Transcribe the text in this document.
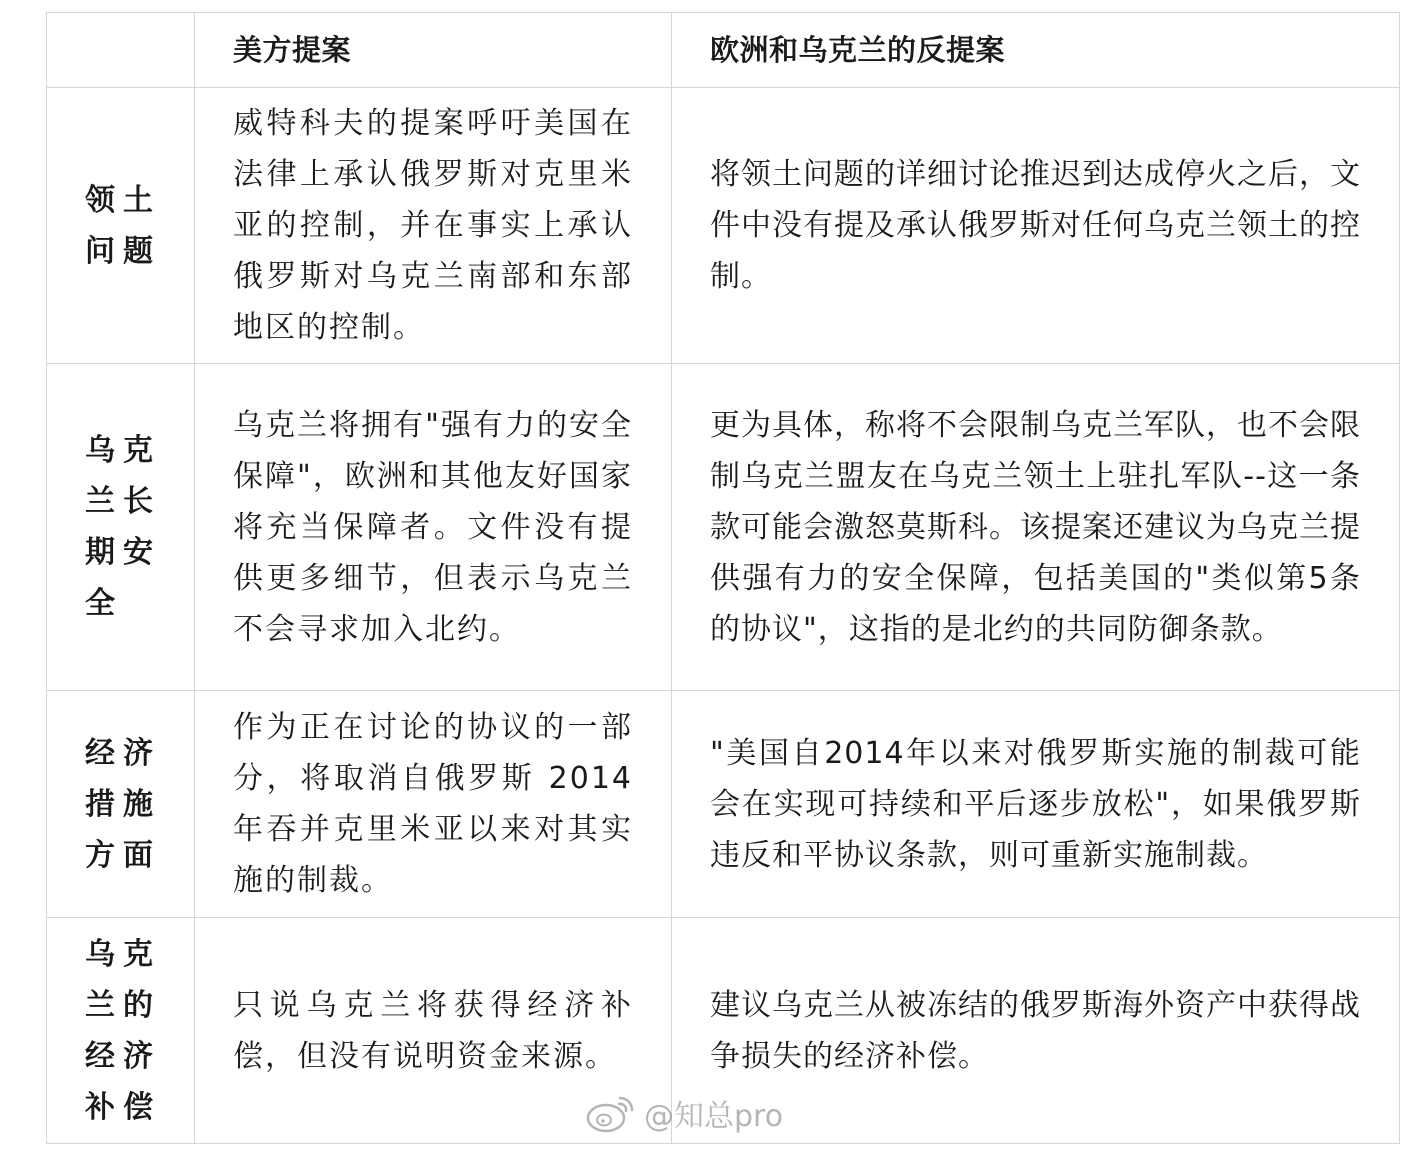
	美方提案	欧洲和乌克兰的反提案

领土问题	威特科夫的提案呼吁美国在法律上承认俄罗斯对克里米亚的控制，并在事实上承认俄罗斯对乌克兰南部和东部地区的控制。	将领土问题的详细讨论推迟到达成停火之后，文件中没有提及承认俄罗斯对任何乌克兰领土的控制。

乌克兰长期安全	乌克兰将拥有"强有力的安全保障"，欧洲和其他友好国家将充当保障者。文件没有提供更多细节，但表示乌克兰不会寻求加入北约。	更为具体，称将不会限制乌克兰军队，也不会限制乌克兰盟友在乌克兰领土上驻扎军队--这一条款可能会激怒莫斯科。该提案还建议为乌克兰提供强有力的安全保障，包括美国的"类似第5条的协议"，这指的是北约的共同防御条款。

经济措施方面	作为正在讨论的协议的一部分，将取消自俄罗斯 2014 年吞并克里米亚以来对其实施的制裁。	"美国自2014年以来对俄罗斯实施的制裁可能会在实现可持续和平后逐步放松"，如果俄罗斯违反和平协议条款，则可重新实施制裁。

乌克兰的经济补偿	只说乌克兰将获得经济补偿，但没有说明资金来源。	建议乌克兰从被冻结的俄罗斯海外资产中获得战争损失的经济补偿。
@知总pro
